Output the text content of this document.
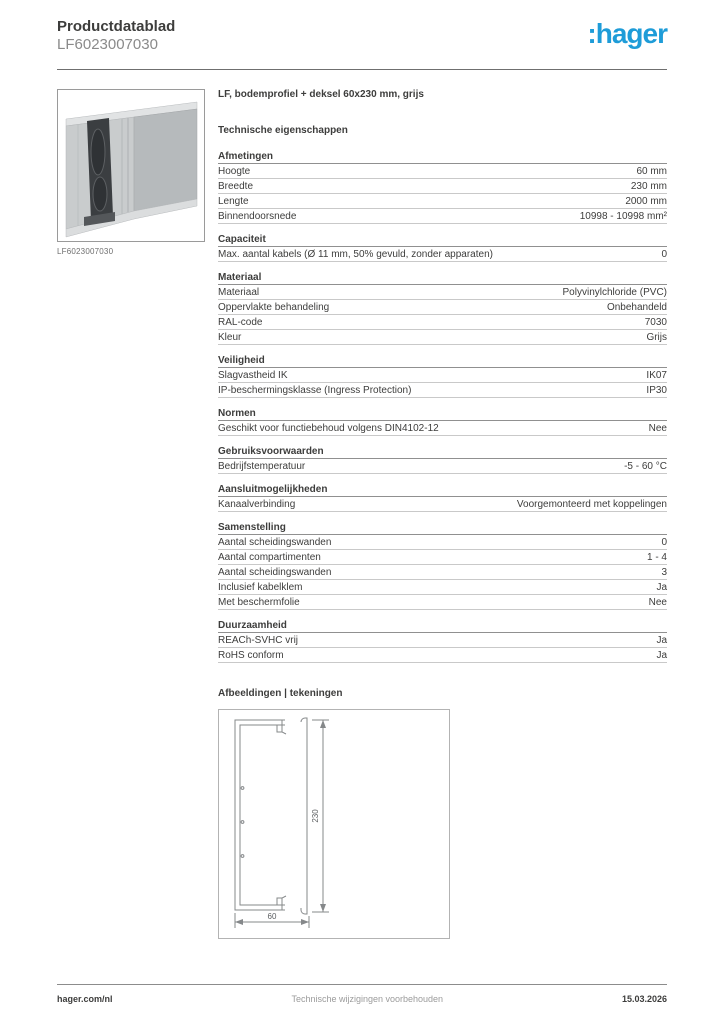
Productdatablad
LF6023007030	:hager
LF6023007030
LF, bodemprofiel + deksel 60x230 mm, grijs
Technische eigenschappen
Afmetingen
Hoogte	60 mm
Breedte	230 mm
Lengte	2000 mm
Binnendoorsnede	10998 - 10998 mm²
Capaciteit
Max. aantal kabels (Ø 11 mm, 50% gevuld, zonder apparaten)	0
Materiaal
Materiaal	Polyvinylchloride (PVC)
Oppervlakte behandeling	Onbehandeld
RAL-code	7030
Kleur	Grijs
Veiligheid
Slagvastheid IK	IK07
IP-beschermingsklasse (Ingress Protection)	IP30
Normen
Geschikt voor functiebehoud volgens DIN4102-12	Nee
Gebruiksvoorwaarden
Bedrijfstemperatuur	-5 - 60 °C
Aansluitmogelijkheden
Kanaalverbinding	Voorgemonteerd met koppelingen
Samenstelling
Aantal scheidingswanden	0
Aantal compartimenten	1 - 4
Aantal scheidingswanden	3
Inclusief kabelklem	Ja
Met beschermfolie	Nee
Duurzaamheid
REACh-SVHC vrij	Ja
RoHS conform	Ja
Afbeeldingen | tekeningen
230
60
hager.com/nl	Technische wijzigingen voorbehouden	15.03.2026
